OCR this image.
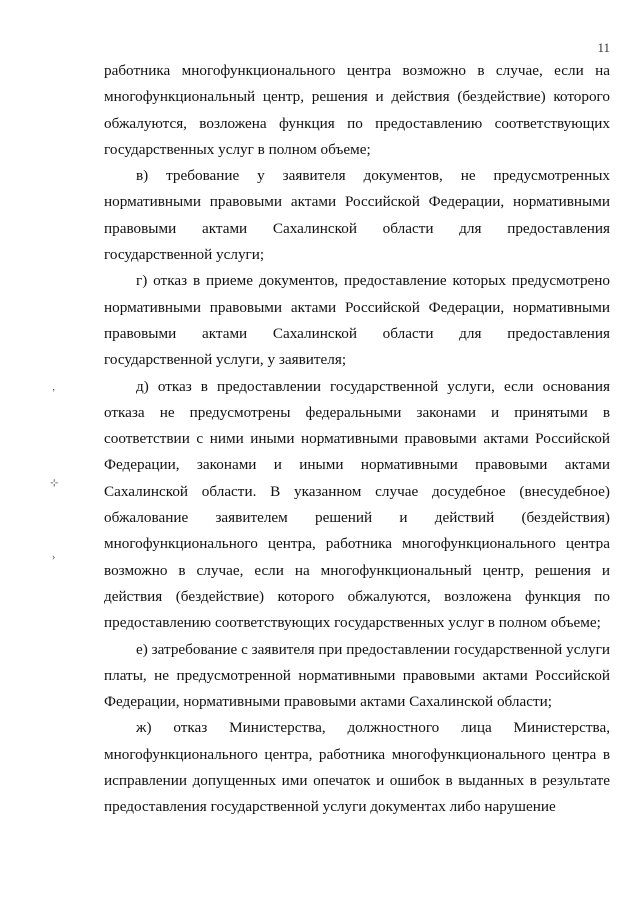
11

работника многофункционального центра возможно в случае, если на многофункциональный центр, решения и действия (бездействие) которого обжалуются, возложена функция по предоставлению соответствующих государственных услуг в полном объеме;

в) требование у заявителя документов, не предусмотренных нормативными правовыми актами Российской Федерации, нормативными правовыми актами Сахалинской области для предоставления государственной услуги;

г) отказ в приеме документов, предоставление которых предусмотрено нормативными правовыми актами Российской Федерации, нормативными правовыми актами Сахалинской области для предоставления государственной услуги, у заявителя;

д) отказ в предоставлении государственной услуги, если основания отказа не предусмотрены федеральными законами и принятыми в соответствии с ними иными нормативными правовыми актами Российской Федерации, законами и иными нормативными правовыми актами Сахалинской области. В указанном случае досудебное (внесудебное) обжалование заявителем решений и действий (бездействия) многофункционального центра, работника многофункционального центра возможно в случае, если на многофункциональный центр, решения и действия (бездействие) которого обжалуются, возложена функция по предоставлению соответствующих государственных услуг в полном объеме;

е) затребование с заявителя при предоставлении государственной услуги платы, не предусмотренной нормативными правовыми актами Российской Федерации, нормативными правовыми актами Сахалинской области;

ж) отказ Министерства, должностного лица Министерства, многофункционального центра, работника многофункционального центра в исправлении допущенных ими опечаток и ошибок в выданных в результате предоставления государственной услуги документах либо нарушение

ʼ
⊹
›
